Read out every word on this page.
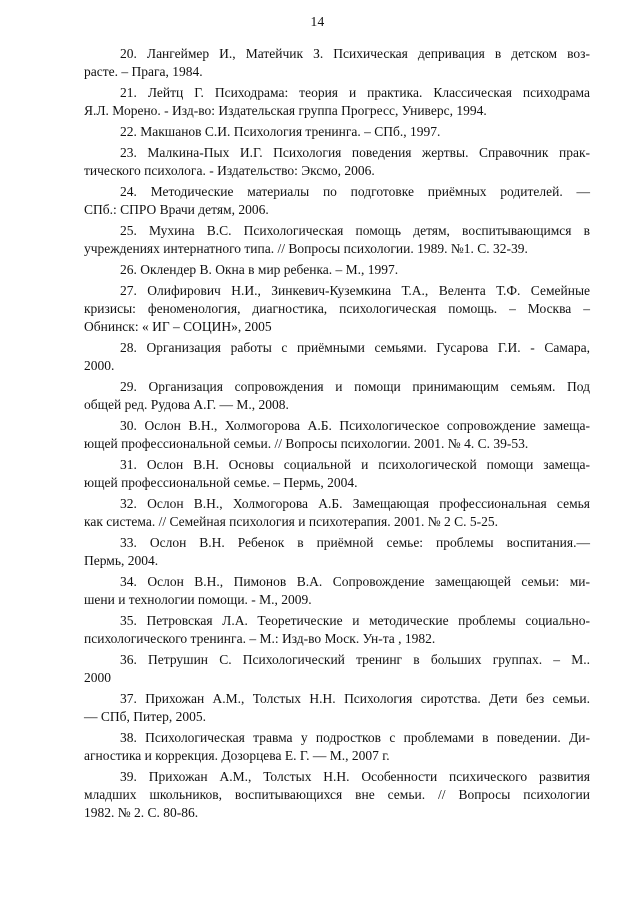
14
20. Лангеймер И., Матейчик З. Психическая депривация в детском воз-
расте. – Прага, 1984.
21. Лейтц Г. Психодрама: теория и практика. Классическая психодрама
Я.Л. Морено. - Изд-во: Издательская группа Прогресс, Универс, 1994.
22. Макшанов С.И. Психология тренинга. – СПб., 1997.
23. Малкина-Пых И.Г. Психология поведения жертвы. Справочник прак-
тического психолога. - Издательство: Эксмо, 2006.
24. Методические материалы по подготовке приёмных родителей. —
СПб.: СПРО Врачи детям, 2006.
25. Мухина В.С. Психологическая помощь детям, воспитывающимся в
учреждениях интернатного типа. // Вопросы психологии. 1989. №1. С. 32-39.
26. Оклендер В. Окна в мир ребенка. – М., 1997.
27. Олифирович Н.И., Зинкевич-Куземкина Т.А., Велента Т.Ф. Семейные
кризисы: феноменология, диагностика, психологическая помощь. – Москва –
Обнинск: « ИГ – СОЦИН», 2005
28. Организация работы с приёмными семьями. Гусарова Г.И. - Самара,
2000.
29. Организация сопровождения и помощи принимающим семьям. Под
общей ред. Рудова А.Г. — М., 2008.
30. Ослон В.Н., Холмогорова А.Б. Психологическое сопровождение замеща-
ющей профессиональной семьи. // Вопросы психологии. 2001. № 4. С. 39-53.
31. Ослон В.Н. Основы социальной и психологической помощи замеща-
ющей профессиональной семье. – Пермь, 2004.
32. Ослон В.Н., Холмогорова А.Б. Замещающая профессиональная семья
как система. // Семейная психология и психотерапия. 2001. № 2 С. 5-25.
33. Ослон В.Н. Ребенок в приёмной семье: проблемы воспитания.—
Пермь, 2004.
34. Ослон В.Н., Пимонов В.А. Сопровождение замещающей семьи: ми-
шени и технологии помощи. - М., 2009.
35. Петровская Л.А. Теоретические и методические проблемы социально-
психологического тренинга. – М.: Изд-во Моск. Ун-та , 1982.
36. Петрушин С. Психологический тренинг в больших группах. – М..
2000
37. Прихожан А.М., Толстых Н.Н. Психология сиротства. Дети без семьи.
— СПб, Питер, 2005.
38. Психологическая травма у подростков с проблемами в поведении. Ди-
агностика и коррекция. Дозорцева Е. Г. — М., 2007 г.
39. Прихожан А.М., Толстых Н.Н. Особенности психического развития
младших школьников, воспитывающихся вне семьи. // Вопросы психологии
1982. № 2. С. 80-86.
